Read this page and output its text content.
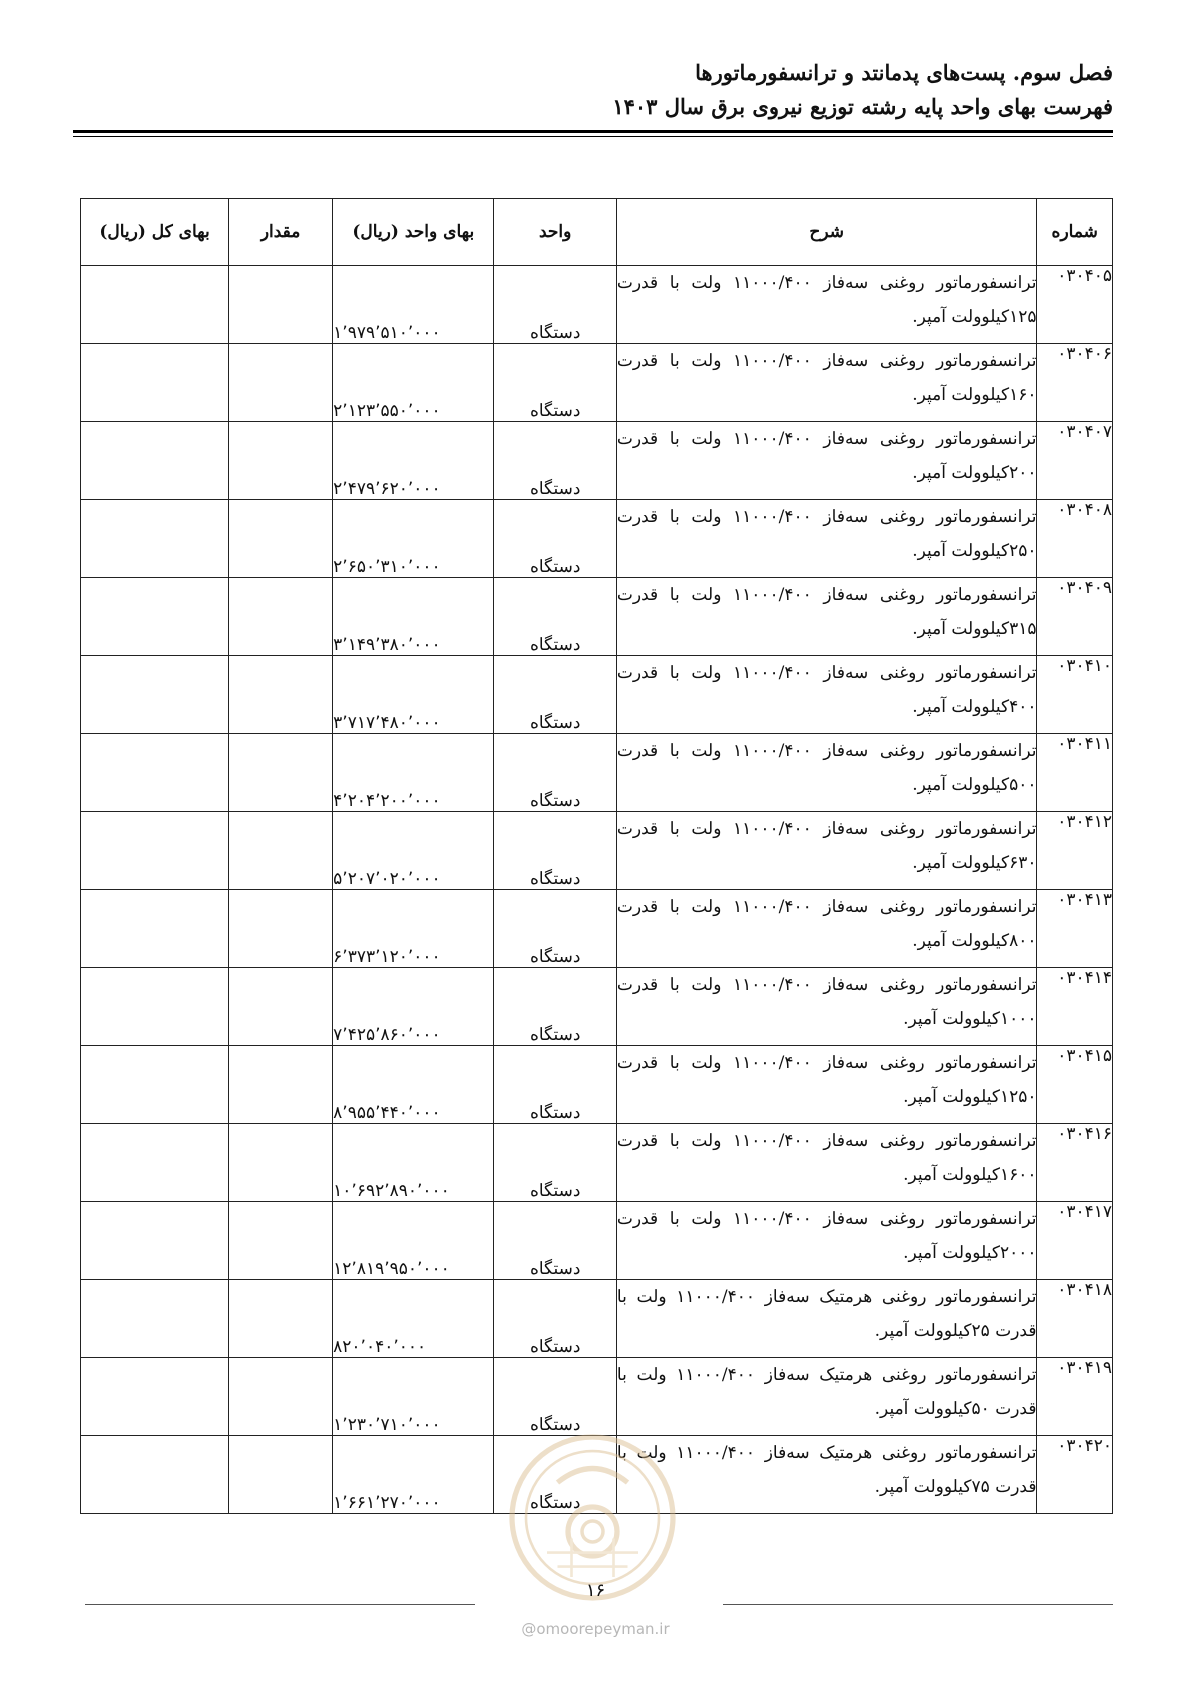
فصل سوم. پست‌های پدمانتد و ترانسفورماتورها
فهرست بهای واحد پایه رشته توزیع نیروی برق سال ۱۴۰۳
شماره	شرح	واحد	بهای واحد (ریال)	مقدار	بهای کل (ریال)
۰۳۰۴۰۵	ترانسفورماتور روغنی سه‌فاز ۱۱۰۰۰/۴۰۰ ولت با قدرت ۱۲۵کیلوولت آمپر.	دستگاه	۱٬۹۷۹٬۵۱۰٬۰۰۰		
۰۳۰۴۰۶	ترانسفورماتور روغنی سه‌فاز ۱۱۰۰۰/۴۰۰ ولت با قدرت ۱۶۰کیلوولت آمپر.	دستگاه	۲٬۱۲۳٬۵۵۰٬۰۰۰		
۰۳۰۴۰۷	ترانسفورماتور روغنی سه‌فاز ۱۱۰۰۰/۴۰۰ ولت با قدرت ۲۰۰کیلوولت آمپر.	دستگاه	۲٬۴۷۹٬۶۲۰٬۰۰۰		
۰۳۰۴۰۸	ترانسفورماتور روغنی سه‌فاز ۱۱۰۰۰/۴۰۰ ولت با قدرت ۲۵۰کیلوولت آمپر.	دستگاه	۲٬۶۵۰٬۳۱۰٬۰۰۰		
۰۳۰۴۰۹	ترانسفورماتور روغنی سه‌فاز ۱۱۰۰۰/۴۰۰ ولت با قدرت ۳۱۵کیلوولت آمپر.	دستگاه	۳٬۱۴۹٬۳۸۰٬۰۰۰		
۰۳۰۴۱۰	ترانسفورماتور روغنی سه‌فاز ۱۱۰۰۰/۴۰۰ ولت با قدرت ۴۰۰کیلوولت آمپر.	دستگاه	۳٬۷۱۷٬۴۸۰٬۰۰۰		
۰۳۰۴۱۱	ترانسفورماتور روغنی سه‌فاز ۱۱۰۰۰/۴۰۰ ولت با قدرت ۵۰۰کیلوولت آمپر.	دستگاه	۴٬۲۰۴٬۲۰۰٬۰۰۰		
۰۳۰۴۱۲	ترانسفورماتور روغنی سه‌فاز ۱۱۰۰۰/۴۰۰ ولت با قدرت ۶۳۰کیلوولت آمپر.	دستگاه	۵٬۲۰۷٬۰۲۰٬۰۰۰		
۰۳۰۴۱۳	ترانسفورماتور روغنی سه‌فاز ۱۱۰۰۰/۴۰۰ ولت با قدرت ۸۰۰کیلوولت آمپر.	دستگاه	۶٬۳۷۳٬۱۲۰٬۰۰۰		
۰۳۰۴۱۴	ترانسفورماتور روغنی سه‌فاز ۱۱۰۰۰/۴۰۰ ولت با قدرت ۱۰۰۰کیلوولت آمپر.	دستگاه	۷٬۴۲۵٬۸۶۰٬۰۰۰		
۰۳۰۴۱۵	ترانسفورماتور روغنی سه‌فاز ۱۱۰۰۰/۴۰۰ ولت با قدرت ۱۲۵۰کیلوولت آمپر.	دستگاه	۸٬۹۵۵٬۴۴۰٬۰۰۰		
۰۳۰۴۱۶	ترانسفورماتور روغنی سه‌فاز ۱۱۰۰۰/۴۰۰ ولت با قدرت ۱۶۰۰کیلوولت آمپر.	دستگاه	۱۰٬۶۹۲٬۸۹۰٬۰۰۰		
۰۳۰۴۱۷	ترانسفورماتور روغنی سه‌فاز ۱۱۰۰۰/۴۰۰ ولت با قدرت ۲۰۰۰کیلوولت آمپر.	دستگاه	۱۲٬۸۱۹٬۹۵۰٬۰۰۰		
۰۳۰۴۱۸	ترانسفورماتور روغنی هرمتیک سه‌فاز ۱۱۰۰۰/۴۰۰ ولت با قدرت ۲۵کیلوولت آمپر.	دستگاه	۸۲۰٬۰۴۰٬۰۰۰		
۰۳۰۴۱۹	ترانسفورماتور روغنی هرمتیک سه‌فاز ۱۱۰۰۰/۴۰۰ ولت با قدرت ۵۰کیلوولت آمپر.	دستگاه	۱٬۲۳۰٬۷۱۰٬۰۰۰		
۰۳۰۴۲۰	ترانسفورماتور روغنی هرمتیک سه‌فاز ۱۱۰۰۰/۴۰۰ ولت با قدرت ۷۵کیلوولت آمپر.	دستگاه	۱٬۶۶۱٬۲۷۰٬۰۰۰		
۱۶
@omoorepeyman.ir
